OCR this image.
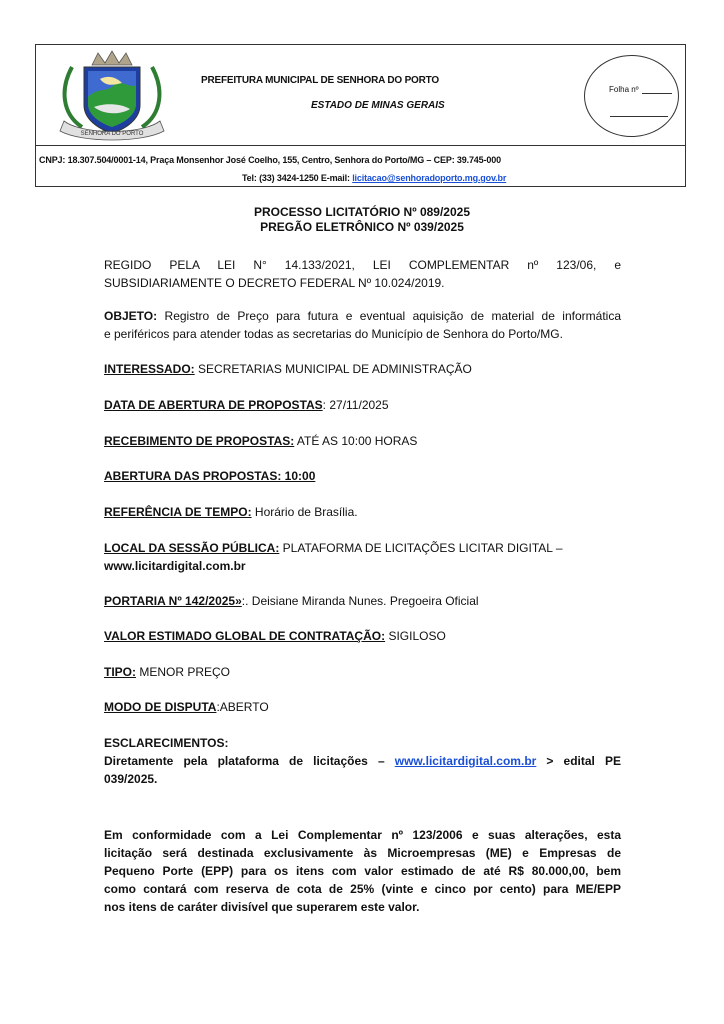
SENHORA DO PORTO
PREFEITURA MUNICIPAL DE SENHORA DO PORTO
ESTADO DE MINAS GERAIS
Folha nº
CNPJ: 18.307.504/0001-14, Praça Monsenhor José Coelho, 155, Centro, Senhora do Porto/MG – CEP: 39.745-000
Tel: (33) 3424-1250 E-mail: licitacao@senhoradoporto.mg.gov.br
PROCESSO LICITATÓRIO Nº 089/2025
PREGÃO ELETRÔNICO Nº 039/2025
REGIDO PELA LEI N° 14.133/2021, LEI COMPLEMENTAR nº 123/06, e
SUBSIDIARIAMENTE O DECRETO FEDERAL Nº 10.024/2019.
OBJETO: Registro de Preço para futura e eventual aquisição de material de informática
e periféricos para atender todas as secretarias do Município de Senhora do Porto/MG.
INTERESSADO: SECRETARIAS MUNICIPAL DE ADMINISTRAÇÃO
DATA DE ABERTURA DE PROPOSTAS: 27/11/2025
RECEBIMENTO DE PROPOSTAS: ATÉ AS 10:00 HORAS
ABERTURA DAS PROPOSTAS: 10:00
REFERÊNCIA DE TEMPO: Horário de Brasília.
LOCAL DA SESSÃO PÚBLICA: PLATAFORMA DE LICITAÇÕES LICITAR DIGITAL –
www.licitardigital.com.br
PORTARIA Nº 142/2025»:. Deisiane Miranda Nunes. Pregoeira Oficial
VALOR ESTIMADO GLOBAL DE CONTRATAÇÃO: SIGILOSO
TIPO: MENOR PREÇO
MODO DE DISPUTA:ABERTO
ESCLARECIMENTOS:
Diretamente pela plataforma de licitações – www.licitardigital.com.br > edital PE
039/2025.
Em conformidade com a Lei Complementar nº 123/2006 e suas alterações, esta
licitação será destinada exclusivamente às Microempresas (ME) e Empresas de
Pequeno Porte (EPP) para os itens com valor estimado de até R$ 80.000,00, bem
como contará com reserva de cota de 25% (vinte e cinco por cento) para ME/EPP
nos itens de caráter divisível que superarem este valor.
